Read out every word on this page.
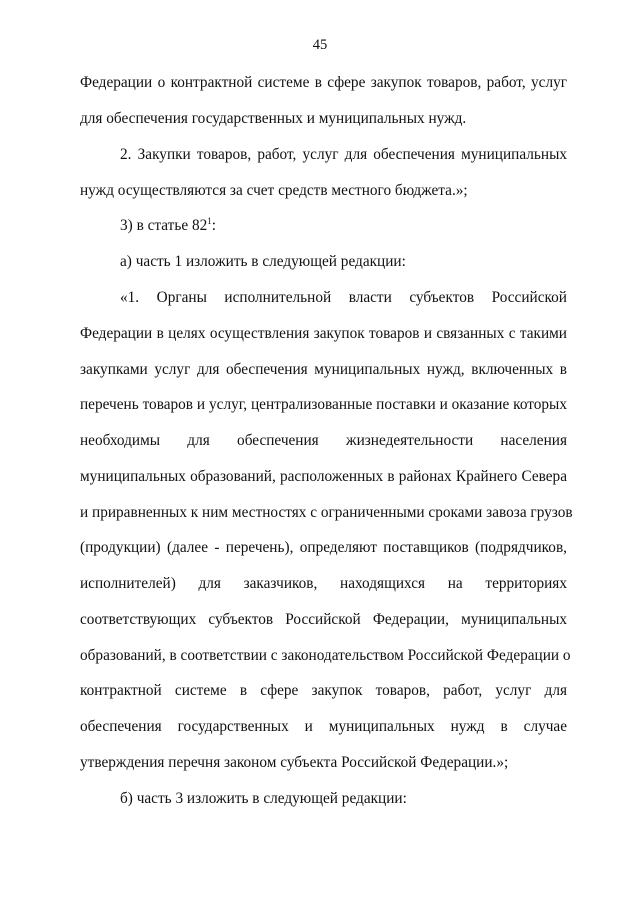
45
Федерации о контрактной системе в сфере закупок товаров, работ, услуг
для обеспечения государственных и муниципальных нужд.
2. Закупки товаров, работ, услуг для обеспечения муниципальных
нужд осуществляются за счет средств местного бюджета.»;
3) в статье $82^1$:
а) часть 1 изложить в следующей редакции:
«1. Органы исполнительной власти субъектов Российской
Федерации в целях осуществления закупок товаров и связанных с такими
закупками услуг для обеспечения муниципальных нужд, включенных в
перечень товаров и услуг, централизованные поставки и оказание которых
необходимы для обеспечения жизнедеятельности населения
муниципальных образований, расположенных в районах Крайнего Севера
и приравненных к ним местностях с ограниченными сроками завоза грузов
(продукции) (далее - перечень), определяют поставщиков (подрядчиков,
исполнителей) для заказчиков, находящихся на территориях
соответствующих субъектов Российской Федерации, муниципальных
образований, в соответствии с законодательством Российской Федерации о
контрактной системе в сфере закупок товаров, работ, услуг для
обеспечения государственных и муниципальных нужд в случае
утверждения перечня законом субъекта Российской Федерации.»;
б) часть 3 изложить в следующей редакции:
